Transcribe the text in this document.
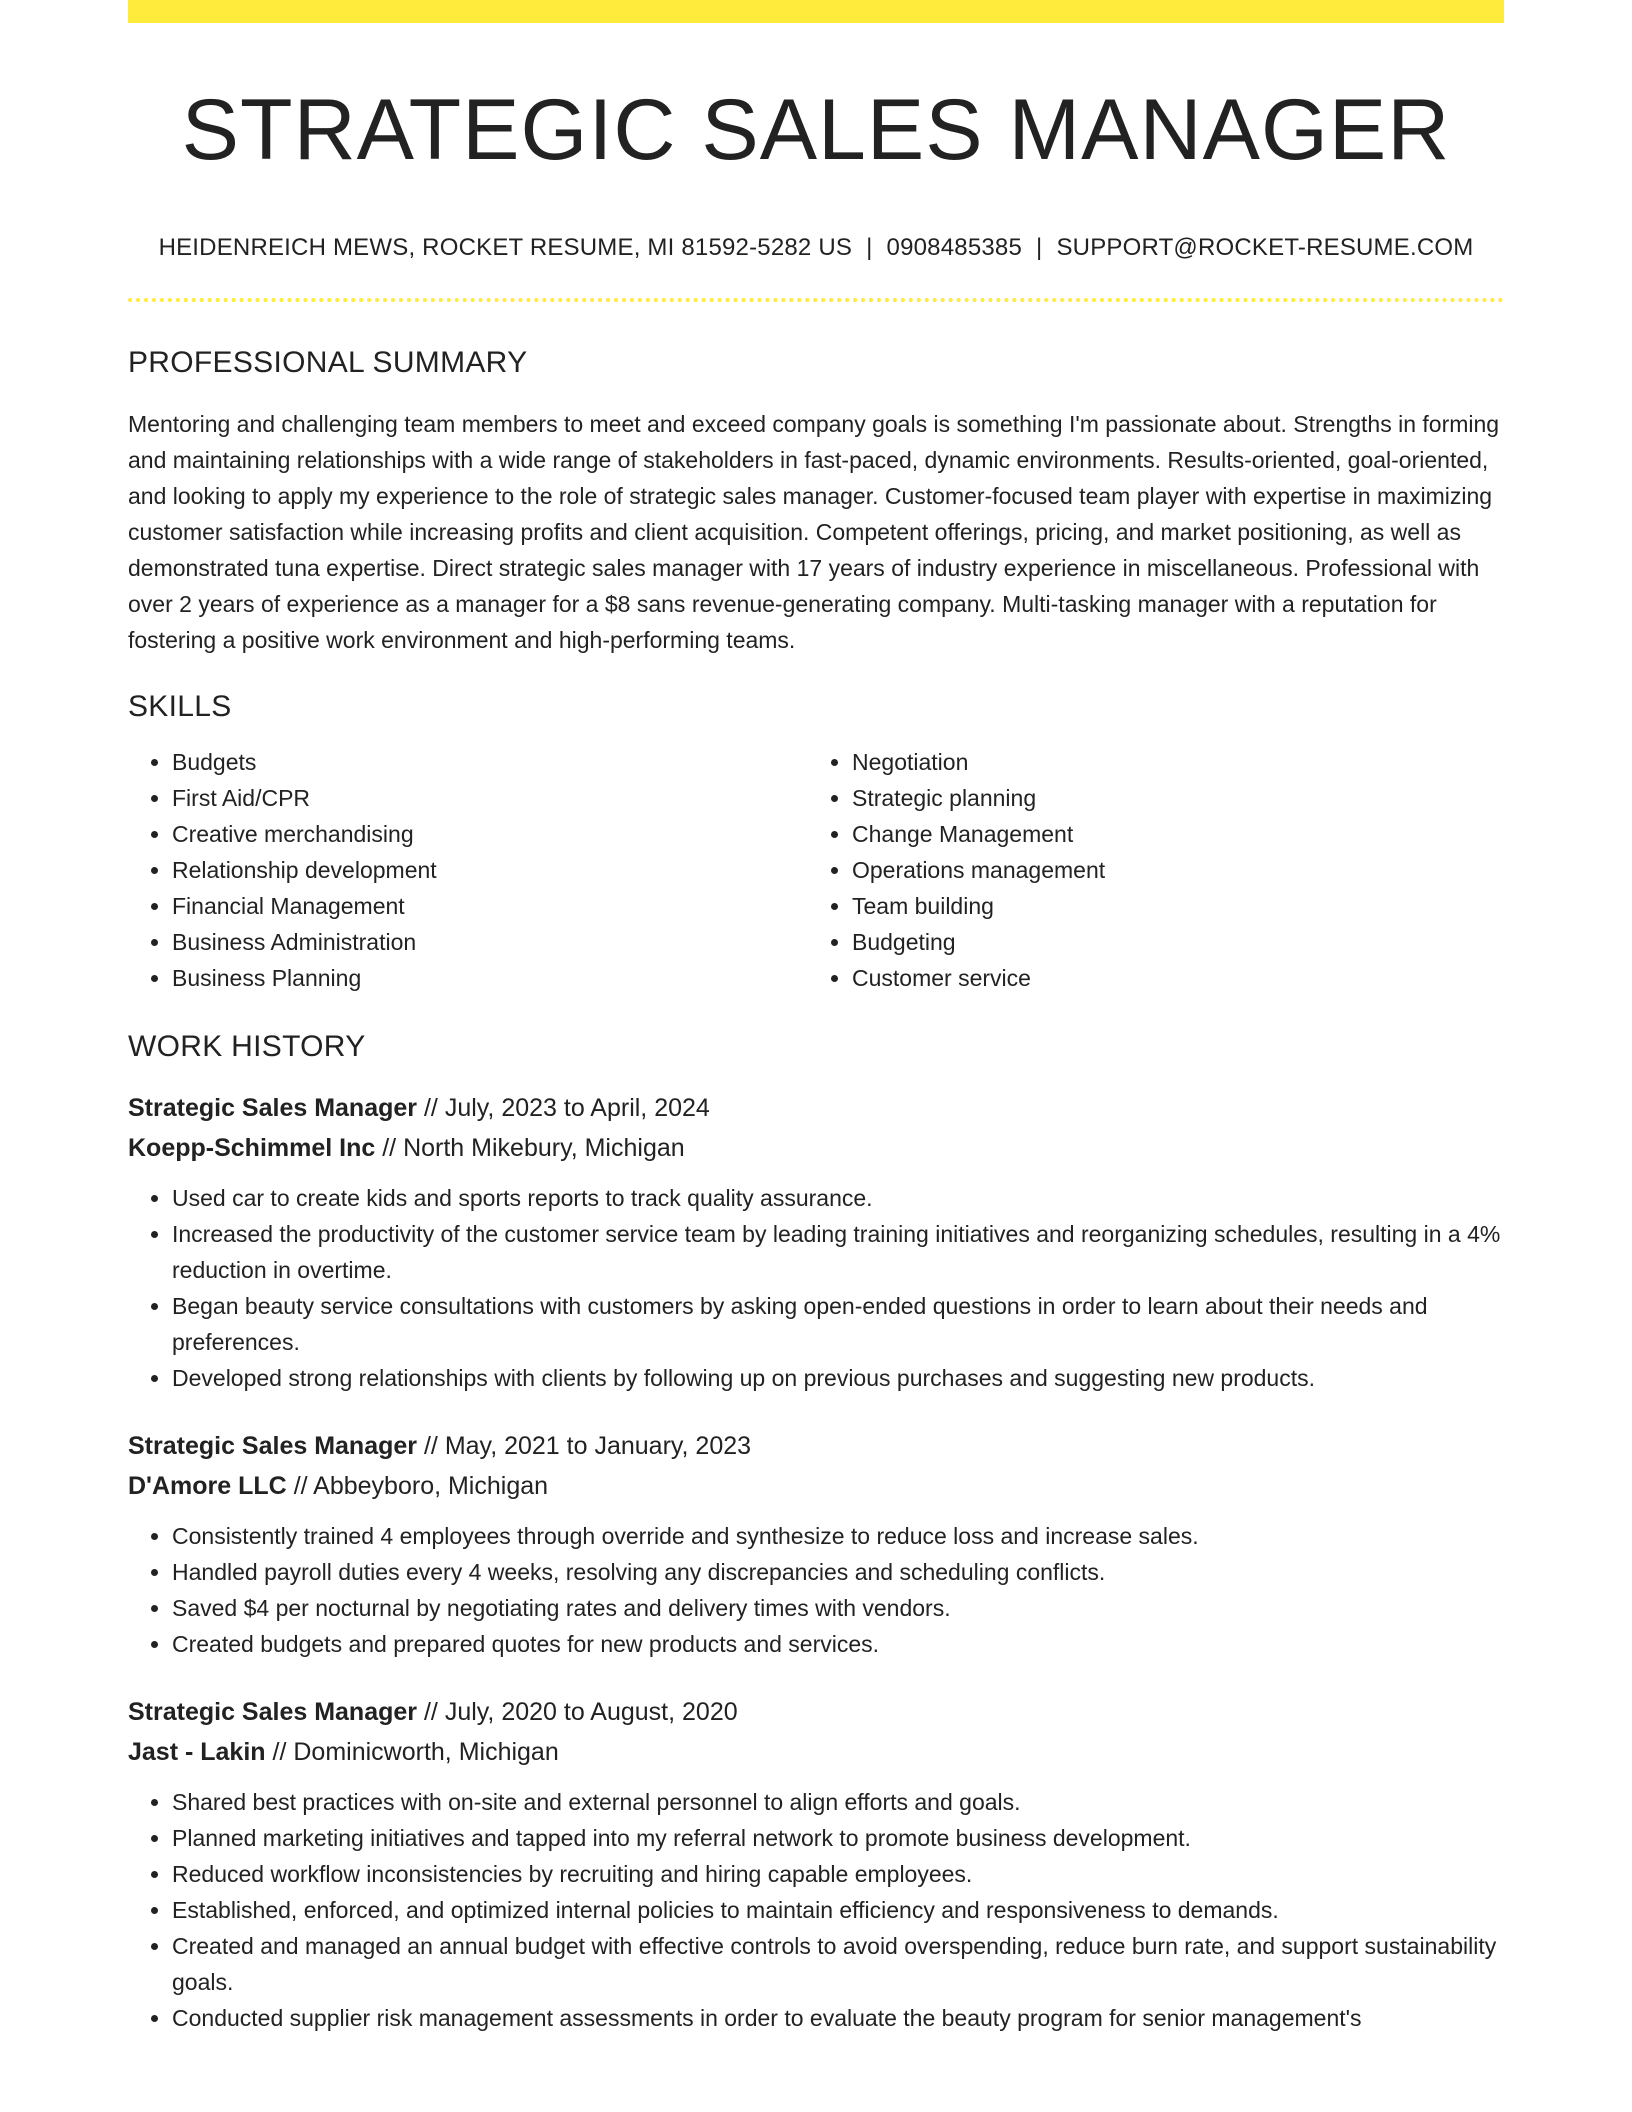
STRATEGIC SALES MANAGER
HEIDENREICH MEWS, ROCKET RESUME, MI 81592-5282 US | 0908485385 | SUPPORT@ROCKET-RESUME.COM
PROFESSIONAL SUMMARY

Mentoring and challenging team members to meet and exceed company goals is something I'm passionate about. Strengths in forming and maintaining relationships with a wide range of stakeholders in fast-paced, dynamic environments. Results-oriented, goal-oriented, and looking to apply my experience to the role of strategic sales manager. Customer-focused team player with expertise in maximizing customer satisfaction while increasing profits and client acquisition. Competent offerings, pricing, and market positioning, as well as demonstrated tuna expertise. Direct strategic sales manager with 17 years of industry experience in miscellaneous. Professional with over 2 years of experience as a manager for a $8 sans revenue-generating company. Multi-tasking manager with a reputation for fostering a positive work environment and high-performing teams.

SKILLS
• Budgets
• First Aid/CPR
• Creative merchandising
• Relationship development
• Financial Management
• Business Administration
• Business Planning
• Negotiation
• Strategic planning
• Change Management
• Operations management
• Team building
• Budgeting
• Customer service
WORK HISTORY
Strategic Sales Manager // July, 2023 to April, 2024
Koepp-Schimmel Inc // North Mikebury, Michigan
• Used car to create kids and sports reports to track quality assurance.
• Increased the productivity of the customer service team by leading training initiatives and reorganizing schedules, resulting in a 4% reduction in overtime.
• Began beauty service consultations with customers by asking open-ended questions in order to learn about their needs and preferences.
• Developed strong relationships with clients by following up on previous purchases and suggesting new products.
Strategic Sales Manager // May, 2021 to January, 2023
D'Amore LLC // Abbeyboro, Michigan
• Consistently trained 4 employees through override and synthesize to reduce loss and increase sales.
• Handled payroll duties every 4 weeks, resolving any discrepancies and scheduling conflicts.
• Saved $4 per nocturnal by negotiating rates and delivery times with vendors.
• Created budgets and prepared quotes for new products and services.
Strategic Sales Manager // July, 2020 to August, 2020
Jast - Lakin // Dominicworth, Michigan
• Shared best practices with on-site and external personnel to align efforts and goals.
• Planned marketing initiatives and tapped into my referral network to promote business development.
• Reduced workflow inconsistencies by recruiting and hiring capable employees.
• Established, enforced, and optimized internal policies to maintain efficiency and responsiveness to demands.
• Created and managed an annual budget with effective controls to avoid overspending, reduce burn rate, and support sustainability goals.
• Conducted supplier risk management assessments in order to evaluate the beauty program for senior management's
